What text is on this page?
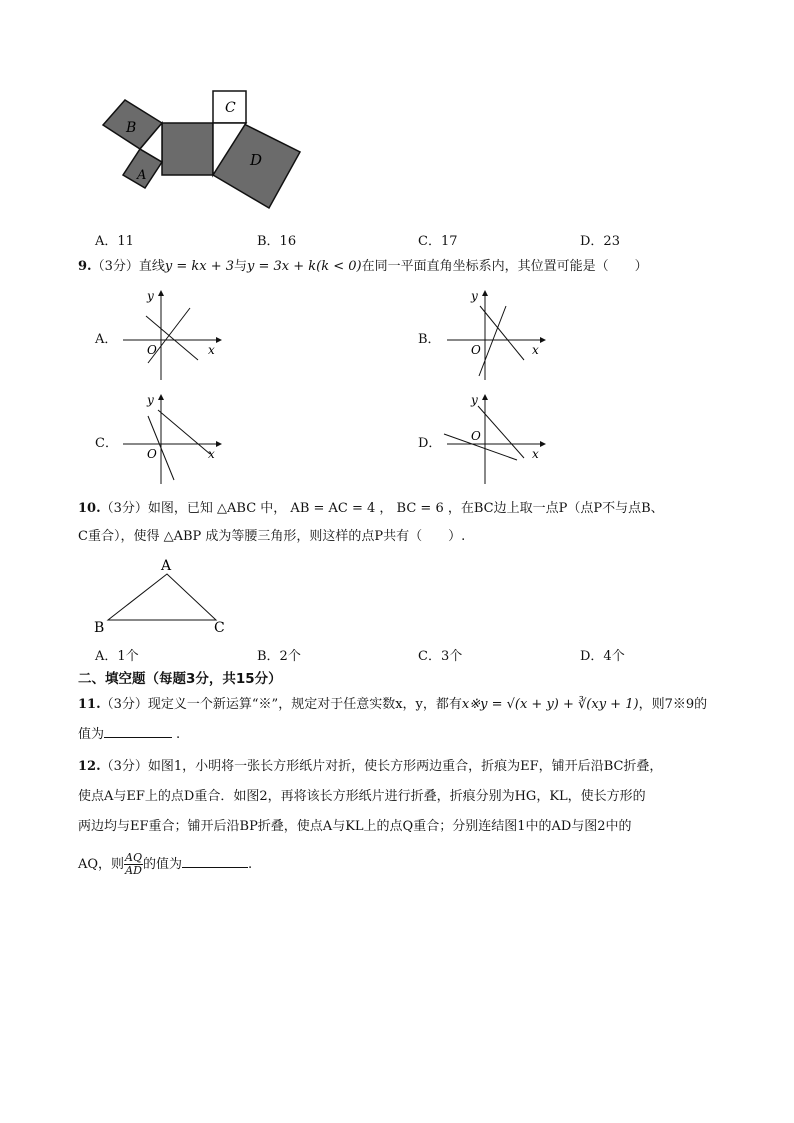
B
A
C
D
A．11	B．16	C．17	D．23
9.（3分）直线y = kx + 3与y = 3x + k(k < 0)在同一平面直角坐标系内，其位置可能是（　　）
A．	B．
C．	D．
y
x
O
y
x
O
y
x
O
y
x
O
10.（3分）如图，已知 △ABC 中， AB = AC = 4 ， BC = 6 ，在BC边上取一点P（点P不与点B、
C重合），使得 △ABP 成为等腰三角形，则这样的点P共有（　　）.
A
B	C
A．1个	B．2个	C．3个	D．4个
二、填空题（每题3分，共15分）
11.（3分）现定义一个新运算“※”，规定对于任意实数x，y，都有x※y = √(x + y) + ∛(xy + 1)，则7※9的
值为	.
12.（3分）如图1，小明将一张长方形纸片对折，使长方形两边重合，折痕为EF，铺开后沿BC折叠，
使点A与EF上的点D重合．如图2，再将该长方形纸片进行折叠，折痕分别为HG，KL，使长方形的
两边均与EF重合；铺开后沿BP折叠，使点A与KL上的点Q重合；分别连结图1中的AD与图2中的
AQ，则 $\frac{AQ}{AD}$ 的值为	.
